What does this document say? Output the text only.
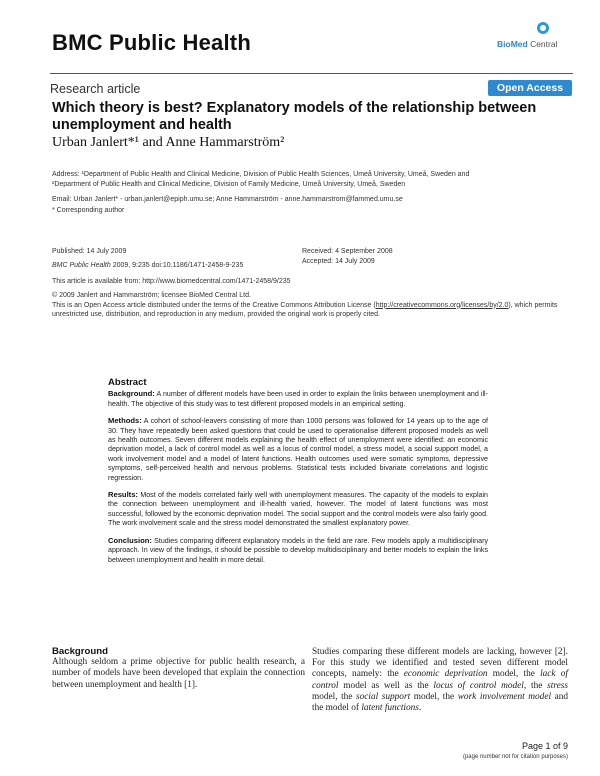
BMC Public Health	BioMed Central
Research article	Open Access
Which theory is best? Explanatory models of the relationship between unemployment and health
Urban Janlert*¹ and Anne Hammarström²
Address: ¹Department of Public Health and Clinical Medicine, Division of Public Health Sciences, Umeå University, Umeå, Sweden and
²Department of Public Health and Clinical Medicine, Division of Family Medicine, Umeå University, Umeå, Sweden
Email: Urban Janlert* - urban.janlert@epiph.umu.se; Anne Hammarström - anne.hammarstrom@fammed.umu.se
* Corresponding author
Published: 14 July 2009
BMC Public Health 2009, 9:235 doi:10.1186/1471-2458-9-235
Received: 4 September 2008
Accepted: 14 July 2009
This article is available from: http://www.biomedcentral.com/1471-2458/9/235
© 2009 Janlert and Hammarström; licensee BioMed Central Ltd.
This is an Open Access article distributed under the terms of the Creative Commons Attribution License (http://creativecommons.org/licenses/by/2.0), which permits unrestricted use, distribution, and reproduction in any medium, provided the original work is properly cited.
Abstract

Background: A number of different models have been used in order to explain the links between unemployment and ill-health. The objective of this study was to test different proposed models in an empirical setting.

Methods: A cohort of school-leavers consisting of more than 1000 persons was followed for 14 years up to the age of 30. They have repeatedly been asked questions that could be used to operationalise different proposed models as well as health outcomes. Seven different models explaining the health effect of unemployment were identified: an economic deprivation model, a lack of control model as well as a locus of control model, a stress model, a social support model, a work involvement model and a model of latent functions. Health outcomes used were somatic symptoms, depressive symptoms, self-perceived health and nervous problems. Statistical tests included bivariate correlations and logistic regression.

Results: Most of the models correlated fairly well with unemployment measures. The capacity of the models to explain the connection between unemployment and ill-health varied, however. The model of latent functions was most successful, followed by the economic deprivation model. The social support and the control models were also fairly good. The work involvement scale and the stress model demonstrated the smallest explanatory power.

Conclusion: Studies comparing different explanatory models in the field are rare. Few models apply a multidisciplinary approach. In view of the findings, it should be possible to develop multidisciplinary and better models to explain the links between unemployment and health in more detail.

Background

Although seldom a prime objective for public health research, a number of models have been developed that explain the connection between unemployment and health [1].

Studies comparing these different models are lacking, however [2]. For this study we identified and tested seven different model concepts, namely: the economic deprivation model, the lack of control model as well as the locus of control model, the stress model, the social support model, the work involvement model and the model of latent functions.

Page 1 of 9
(page number not for citation purposes)
